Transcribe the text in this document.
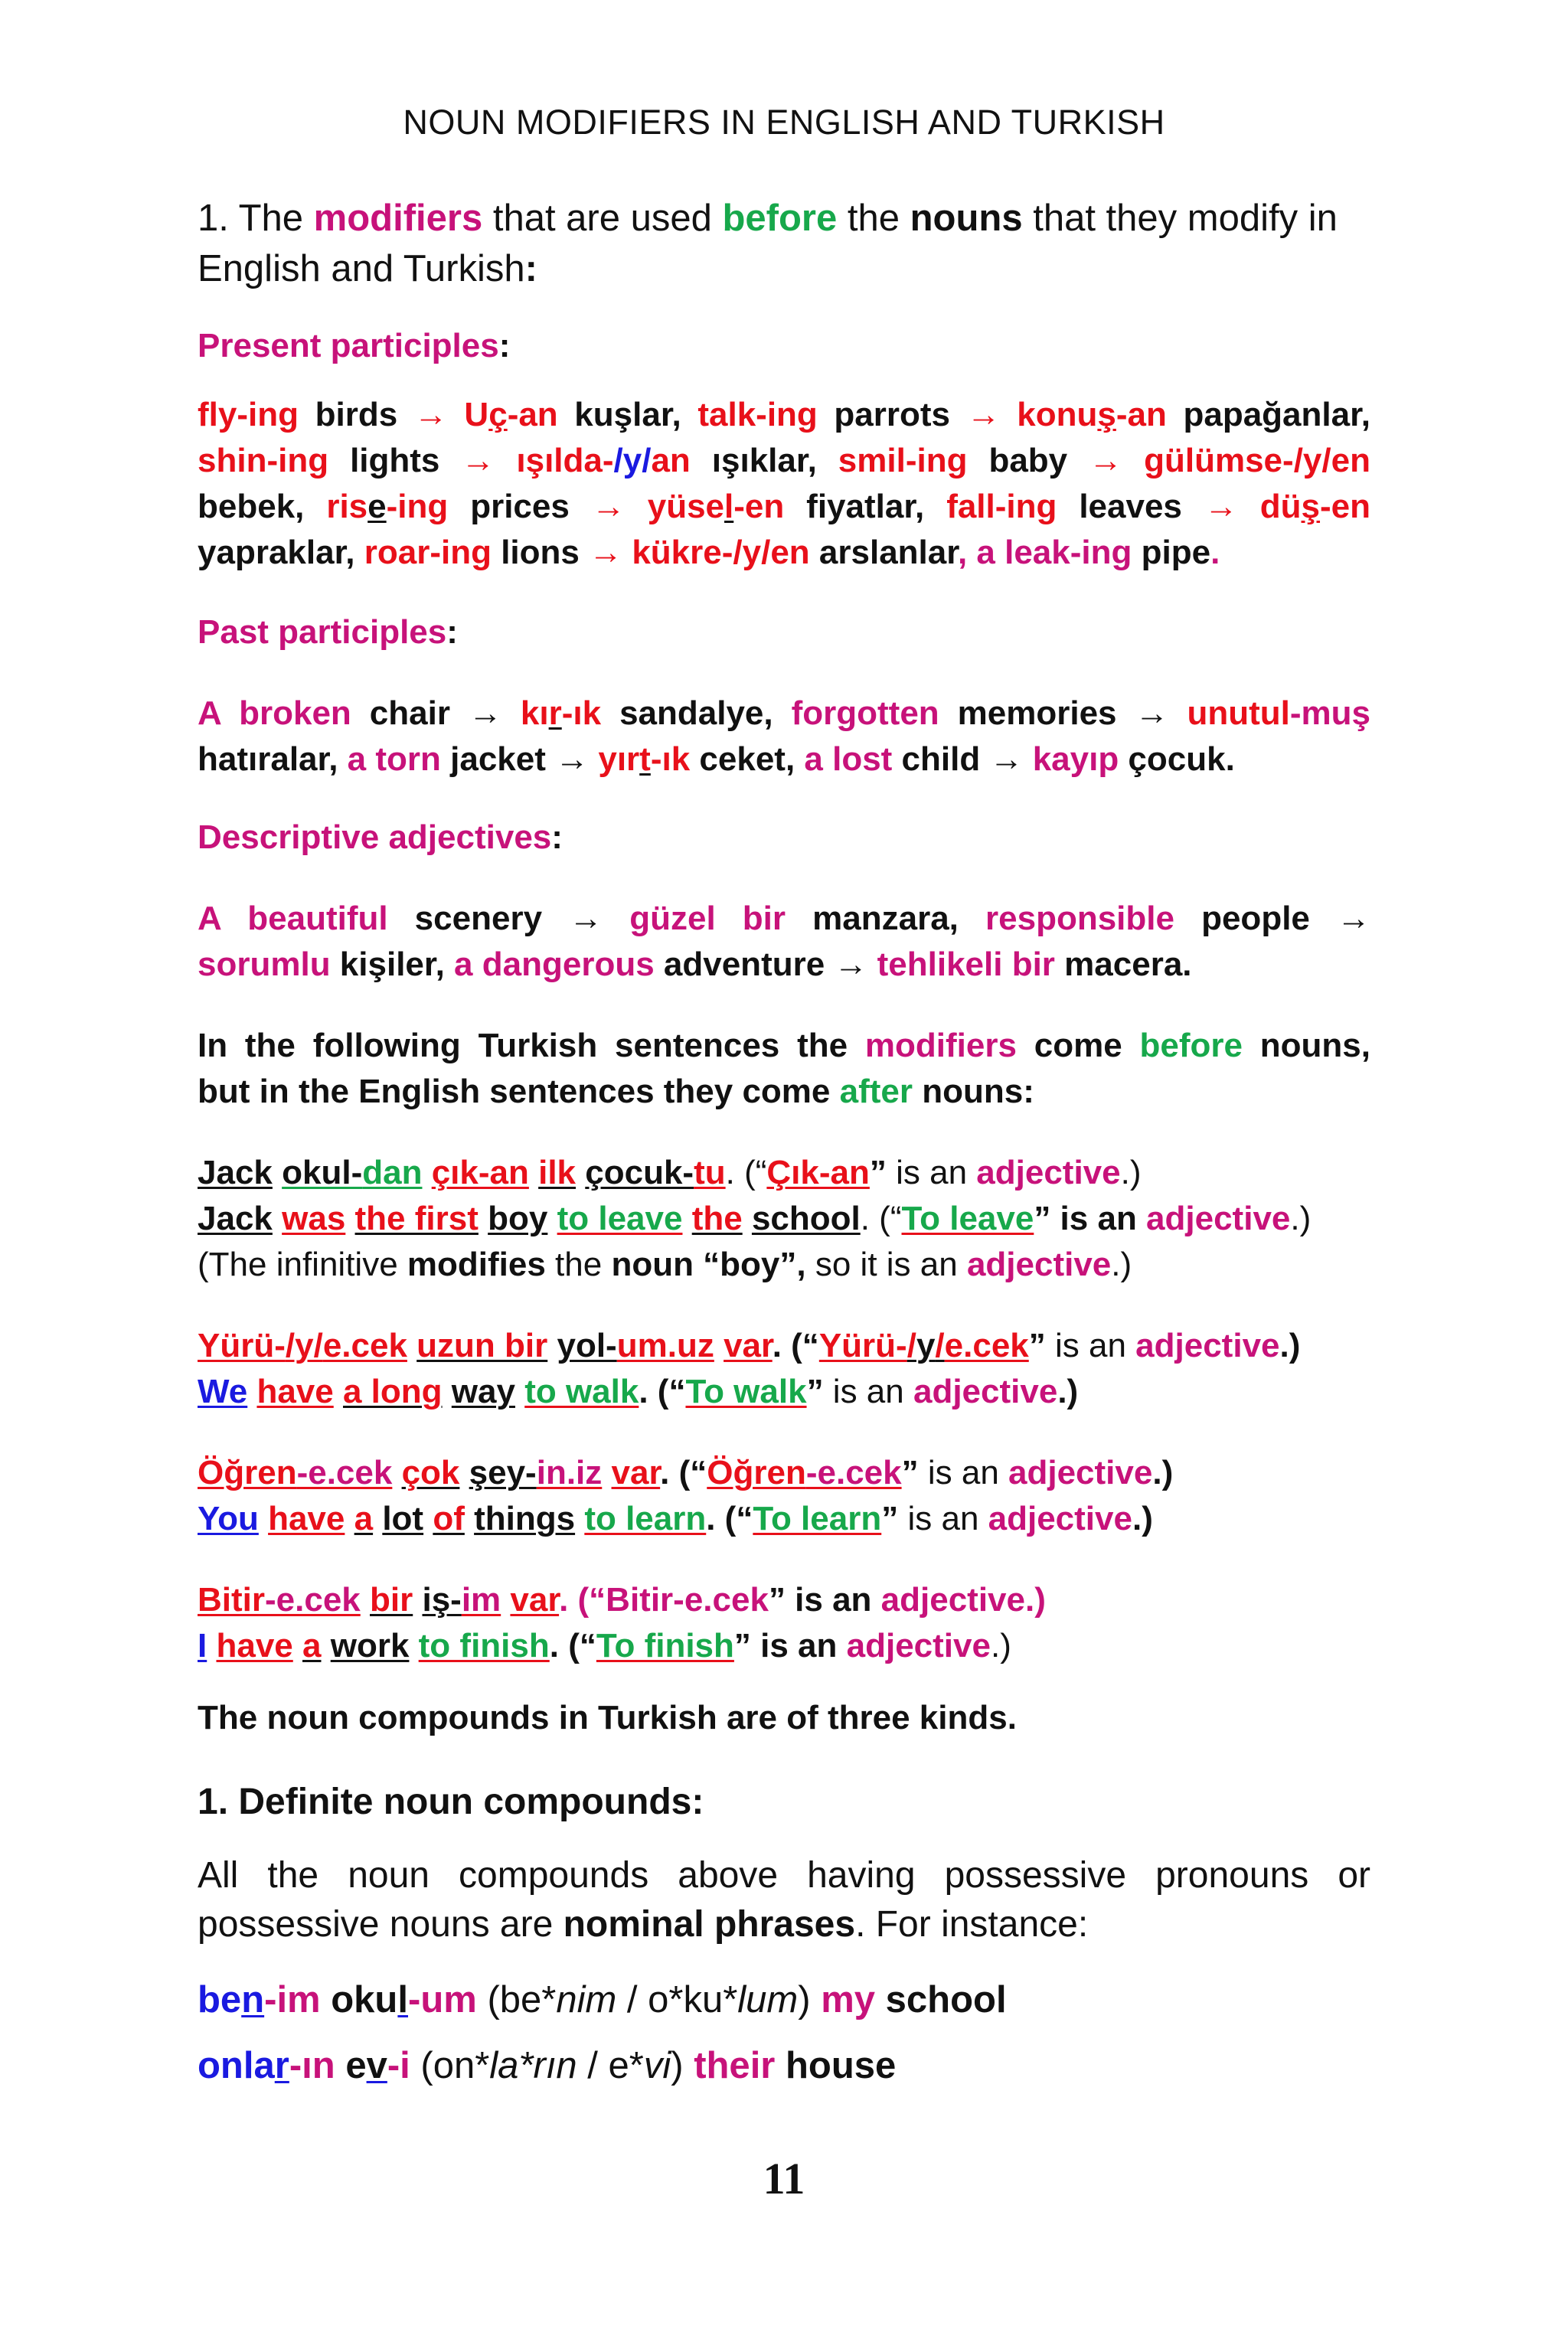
NOUN MODIFIERS IN ENGLISH AND TURKISH
1. The modifiers that are used before the nouns that they modify in English and Turkish:
Present participles:
fly-ing birds → Uç-an kuşlar, talk-ing parrots → konuş-an papağanlar,
shin-ing lights → ışılda-/y/an ışıklar, smil-ing baby → gülümse-/y/en
bebek, rise-ing prices → yüsel-en fiyatlar, fall-ing leaves → düş-en
yapraklar, roar-ing lions → kükre-/y/en arslanlar, a leak-ing pipe.
Past participles:
A broken chair → kır-ık sandalye, forgotten memories → unutul-muş
hatıralar, a torn jacket → yırt-ık ceket, a lost child → kayıp çocuk.
Descriptive adjectives:
A beautiful scenery → güzel bir manzara, responsible people →
sorumlu kişiler, a dangerous adventure → tehlikeli bir macera.
In the following Turkish sentences the modifiers come before nouns,
but in the English sentences they come after nouns:
Jack okul-dan çık-an ilk çocuk-tu. (“Çık-an” is an adjective.)
Jack was the first boy to leave the school. (“To leave” is an adjective.)
(The infinitive modifies the noun “boy”, so it is an adjective.)
Yürü-/y/e.cek uzun bir yol-um.uz var. (“Yürü-/y/e.cek” is an adjective.)
We have a long way to walk. (“To walk” is an adjective.)
Öğren-e.cek çok şey-in.iz var. (“Öğren-e.cek” is an adjective.)
You have a lot of things to learn. (“To learn” is an adjective.)
Bitir-e.cek bir iş-im var. (“Bitir-e.cek” is an adjective.)
I have a work to finish. (“To finish” is an adjective.)
The noun compounds in Turkish are of three kinds.
1. Definite noun compounds:
All the noun compounds above having possessive pronouns or possessive nouns are nominal phrases. For instance:
ben-im okul-um (be*nim / o*ku*lum) my school
onlar-ın ev-i (on*la*rın / e*vi) their house
11
